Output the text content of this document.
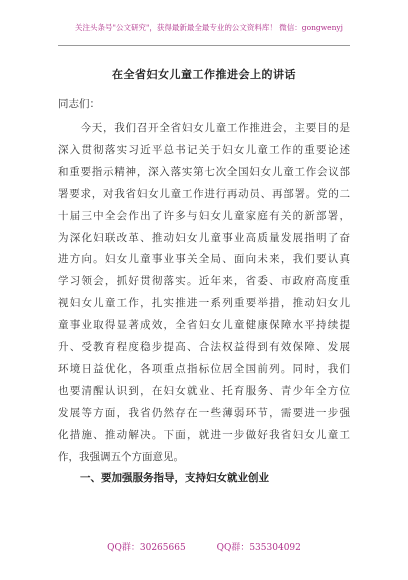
关注头条号"公文研究"，获得最新最全最专业的公文资料库！ 微信：gongwenyj
在全省妇女儿童工作推进会上的讲话
同志们：

　　今天，我们召开全省妇女儿童工作推进会，主要目的是

深入贯彻落实习近平总书记关于妇女儿童工作的重要论述

和重要指示精神，深入落实第七次全国妇女儿童工作会议部

署要求，对我省妇女儿童工作进行再动员、再部署。党的二

十届三中全会作出了许多与妇女儿童家庭有关的新部署，

为深化妇联改革、推动妇女儿童事业高质量发展指明了奋

进方向。妇女儿童事业事关全局、面向未来，我们要认真

学习领会，抓好贯彻落实。近年来，省委、市政府高度重

视妇女儿童工作，扎实推进一系列重要举措，推动妇女儿

童事业取得显著成效，全省妇女儿童健康保障水平持续提

升、受教育程度稳步提高、合法权益得到有效保障、发展

环境日益优化，各项重点指标位居全国前列。同时，我们

也要清醒认识到，在妇女就业、托育服务、青少年全方位

发展等方面，我省仍然存在一些薄弱环节，需要进一步强

化措施、推动解决。下面，就进一步做好我省妇女儿童工

作，我强调五个方面意见。

一、要加强服务指导，支持妇女就业创业
QQ群：30265665	QQ群：535304092
